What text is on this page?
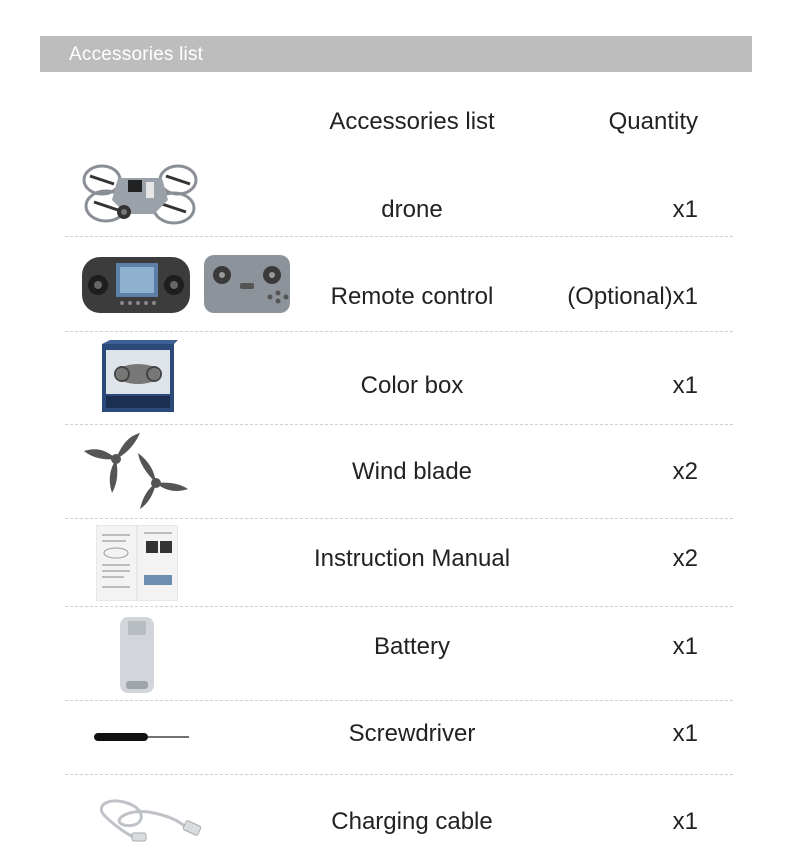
Accessories list
Accessories list	Quantity
drone	x1
Remote control	(Optional)x1
Color box	x1
Wind blade	x2
Instruction Manual	x2
Battery	x1
Screwdriver	x1
Charging cable	x1
